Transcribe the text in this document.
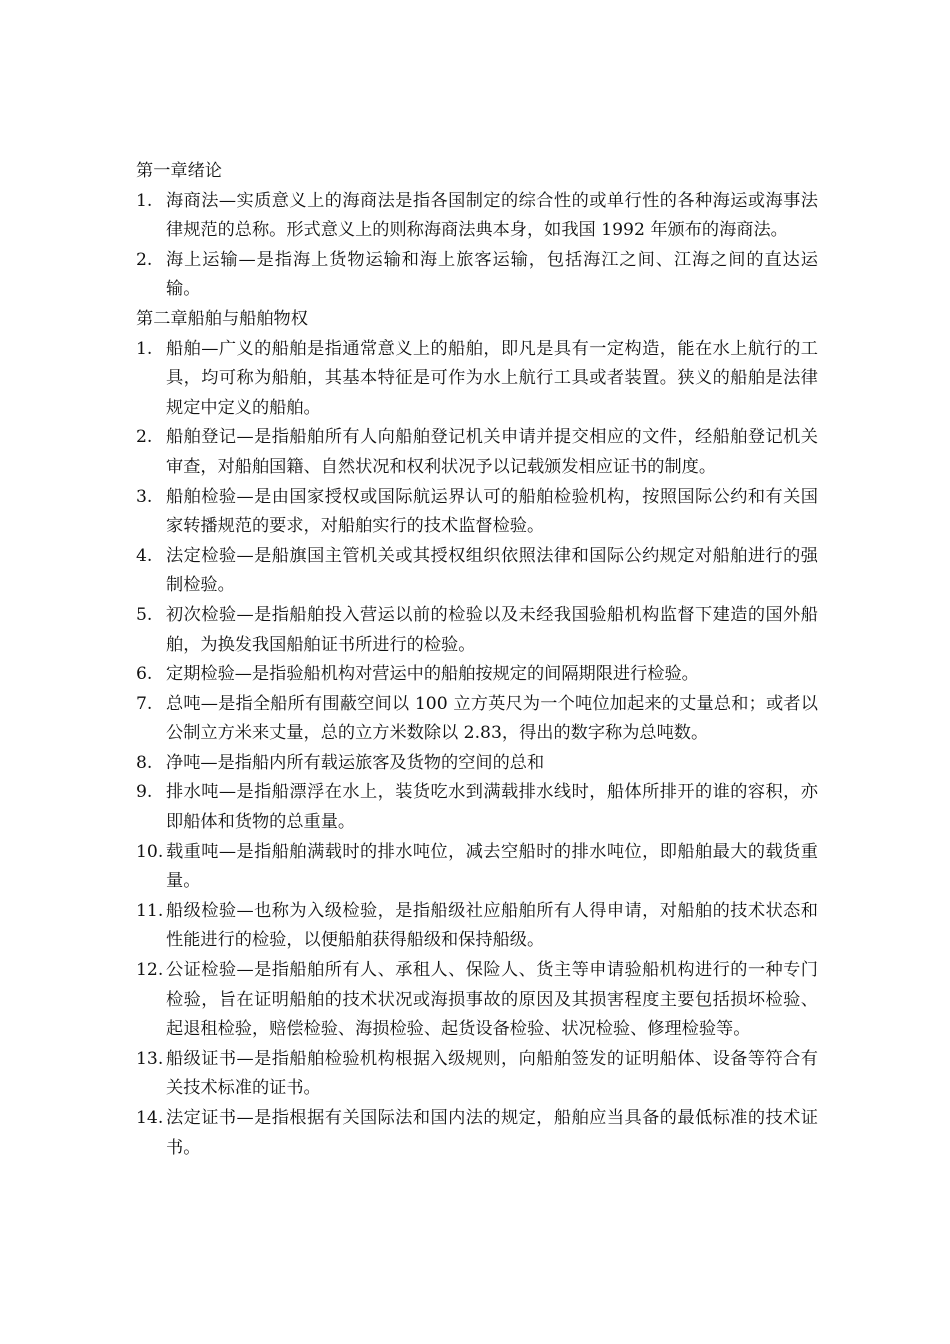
第一章绪论
1. 海商法—实质意义上的海商法是指各国制定的综合性的或单行性的各种海运或海事法律规范的总称。形式意义上的则称海商法典本身，如我国 1992 年颁布的海商法。
2. 海上运输—是指海上货物运输和海上旅客运输，包括海江之间、江海之间的直达运输。
第二章船舶与船舶物权
1. 船舶—广义的船舶是指通常意义上的船舶，即凡是具有一定构造，能在水上航行的工具，均可称为船舶，其基本特征是可作为水上航行工具或者装置。狭义的船舶是法律规定中定义的船舶。
2. 船舶登记—是指船舶所有人向船舶登记机关申请并提交相应的文件，经船舶登记机关审查，对船舶国籍、自然状况和权利状况予以记载颁发相应证书的制度。
3. 船舶检验—是由国家授权或国际航运界认可的船舶检验机构，按照国际公约和有关国家转播规范的要求，对船舶实行的技术监督检验。
4. 法定检验—是船旗国主管机关或其授权组织依照法律和国际公约规定对船舶进行的强制检验。
5. 初次检验—是指船舶投入营运以前的检验以及未经我国验船机构监督下建造的国外船舶，为换发我国船舶证书所进行的检验。
6. 定期检验—是指验船机构对营运中的船舶按规定的间隔期限进行检验。
7. 总吨—是指全船所有围蔽空间以 100 立方英尺为一个吨位加起来的丈量总和；或者以公制立方米来丈量，总的立方米数除以 2.83，得出的数字称为总吨数。
8. 净吨—是指船内所有载运旅客及货物的空间的总和
9. 排水吨—是指船漂浮在水上，装货吃水到满载排水线时，船体所排开的谁的容积，亦即船体和货物的总重量。
10. 载重吨—是指船舶满载时的排水吨位，减去空船时的排水吨位，即船舶最大的载货重量。
11. 船级检验—也称为入级检验，是指船级社应船舶所有人得申请，对船舶的技术状态和性能进行的检验，以便船舶获得船级和保持船级。
12. 公证检验—是指船舶所有人、承租人、保险人、货主等申请验船机构进行的一种专门检验，旨在证明船舶的技术状况或海损事故的原因及其损害程度主要包括损坏检验、起退租检验，赔偿检验、海损检验、起货设备检验、状况检验、修理检验等。
13. 船级证书—是指船舶检验机构根据入级规则，向船舶签发的证明船体、设备等符合有关技术标准的证书。
14. 法定证书—是指根据有关国际法和国内法的规定，船舶应当具备的最低标准的技术证书。
